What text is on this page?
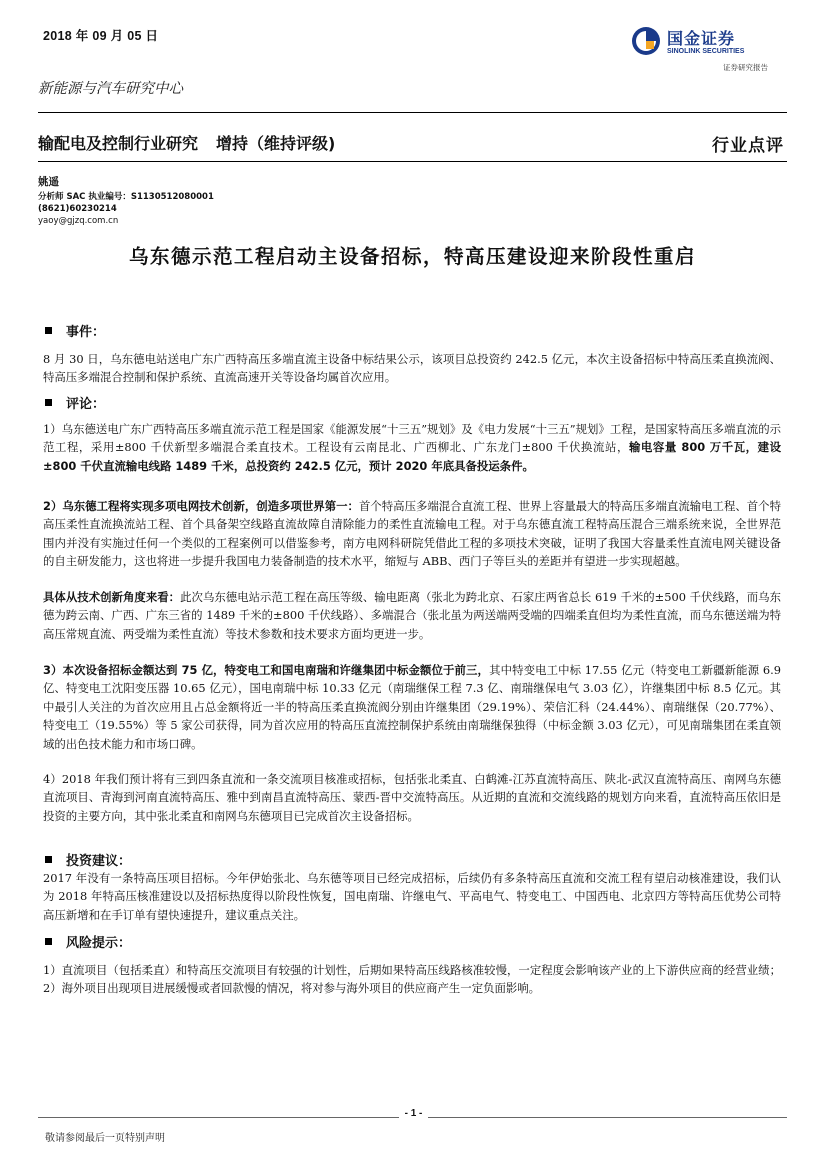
2018 年 09 月 05 日	国金证券
SINOLINK SECURITIES
证券研究报告
新能源与汽车研究中心
输配电及控制行业研究 增持（维持评级)	行业点评
姚遥
分析师 SAC 执业编号：S1130512080001
(8621)60230214
yaoy@gjzq.com.cn
乌东德示范工程启动主设备招标，特高压建设迎来阶段性重启
事件：
8 月 30 日，乌东德电站送电广东广西特高压多端直流主设备中标结果公示，该项目总投资约 242.5 亿元，本次主设备招标中特高压柔直换流阀、特高压多端混合控制和保护系统、直流高速开关等设备均属首次应用。
评论：
1）乌东德送电广东广西特高压多端直流示范工程是国家《能源发展“十三五”规划》及《电力发展“十三五”规划》工程，是国家特高压多端直流的示范工程，采用±800 千伏新型多端混合柔直技术。工程设有云南昆北、广西柳北、广东龙门±800 千伏换流站，输电容量 800 万千瓦，建设±800 千伏直流输电线路 1489 千米，总投资约 242.5 亿元，预计 2020 年底具备投运条件。
2）乌东德工程将实现多项电网技术创新，创造多项世界第一：首个特高压多端混合直流工程、世界上容量最大的特高压多端直流输电工程、首个特高压柔性直流换流站工程、首个具备架空线路直流故障自清除能力的柔性直流输电工程。对于乌东德直流工程特高压混合三端系统来说，全世界范围内并没有实施过任何一个类似的工程案例可以借鉴参考，南方电网科研院凭借此工程的多项技术突破，证明了我国大容量柔性直流电网关键设备的自主研发能力，这也将进一步提升我国电力装备制造的技术水平，缩短与 ABB、西门子等巨头的差距并有望进一步实现超越。
具体从技术创新角度来看：此次乌东德电站示范工程在高压等级、输电距离（张北为跨北京、石家庄两省总长 619 千米的±500 千伏线路，而乌东德为跨云南、广西、广东三省的 1489 千米的±800 千伏线路）、多端混合（张北虽为两送端两受端的四端柔直但均为柔性直流，而乌东德送端为特高压常规直流、两受端为柔性直流）等技术参数和技术要求方面均更进一步。
3）本次设备招标金额达到 75 亿，特变电工和国电南瑞和许继集团中标金额位于前三，其中特变电工中标 17.55 亿元（特变电工新疆新能源 6.9 亿、特变电工沈阳变压器 10.65 亿元），国电南瑞中标 10.33 亿元（南瑞继保工程 7.3 亿、南瑞继保电气 3.03 亿），许继集团中标 8.5 亿元。其中最引人关注的为首次应用且占总金额将近一半的特高压柔直换流阀分别由许继集团（29.19%）、荣信汇科（24.44%）、南瑞继保（20.77%）、特变电工（19.55%）等 5 家公司获得，同为首次应用的特高压直流控制保护系统由南瑞继保独得（中标金额 3.03 亿元），可见南瑞集团在柔直领域的出色技术能力和市场口碑。
4）2018 年我们预计将有三到四条直流和一条交流项目核准或招标，包括张北柔直、白鹤滩-江苏直流特高压、陕北-武汉直流特高压、南网乌东德直流项目、青海到河南直流特高压、雅中到南昌直流特高压、蒙西-晋中交流特高压。从近期的直流和交流线路的规划方向来看，直流特高压依旧是投资的主要方向，其中张北柔直和南网乌东德项目已完成首次主设备招标。
投资建议：
2017 年没有一条特高压项目招标。今年伊始张北、乌东德等项目已经完成招标，后续仍有多条特高压直流和交流工程有望启动核准建设，我们认为 2018 年特高压核准建设以及招标热度得以阶段性恢复，国电南瑞、许继电气、平高电气、特变电工、中国西电、北京四方等特高压优势公司特高压新增和在手订单有望快速提升，建议重点关注。
风险提示：
1）直流项目（包括柔直）和特高压交流项目有较强的计划性，后期如果特高压线路核准较慢，一定程度会影响该产业的上下游供应商的经营业绩；2）海外项目出现项目进展缓慢或者回款慢的情况，将对参与海外项目的供应商产生一定负面影响。
- 1 -
敬请参阅最后一页特别声明
